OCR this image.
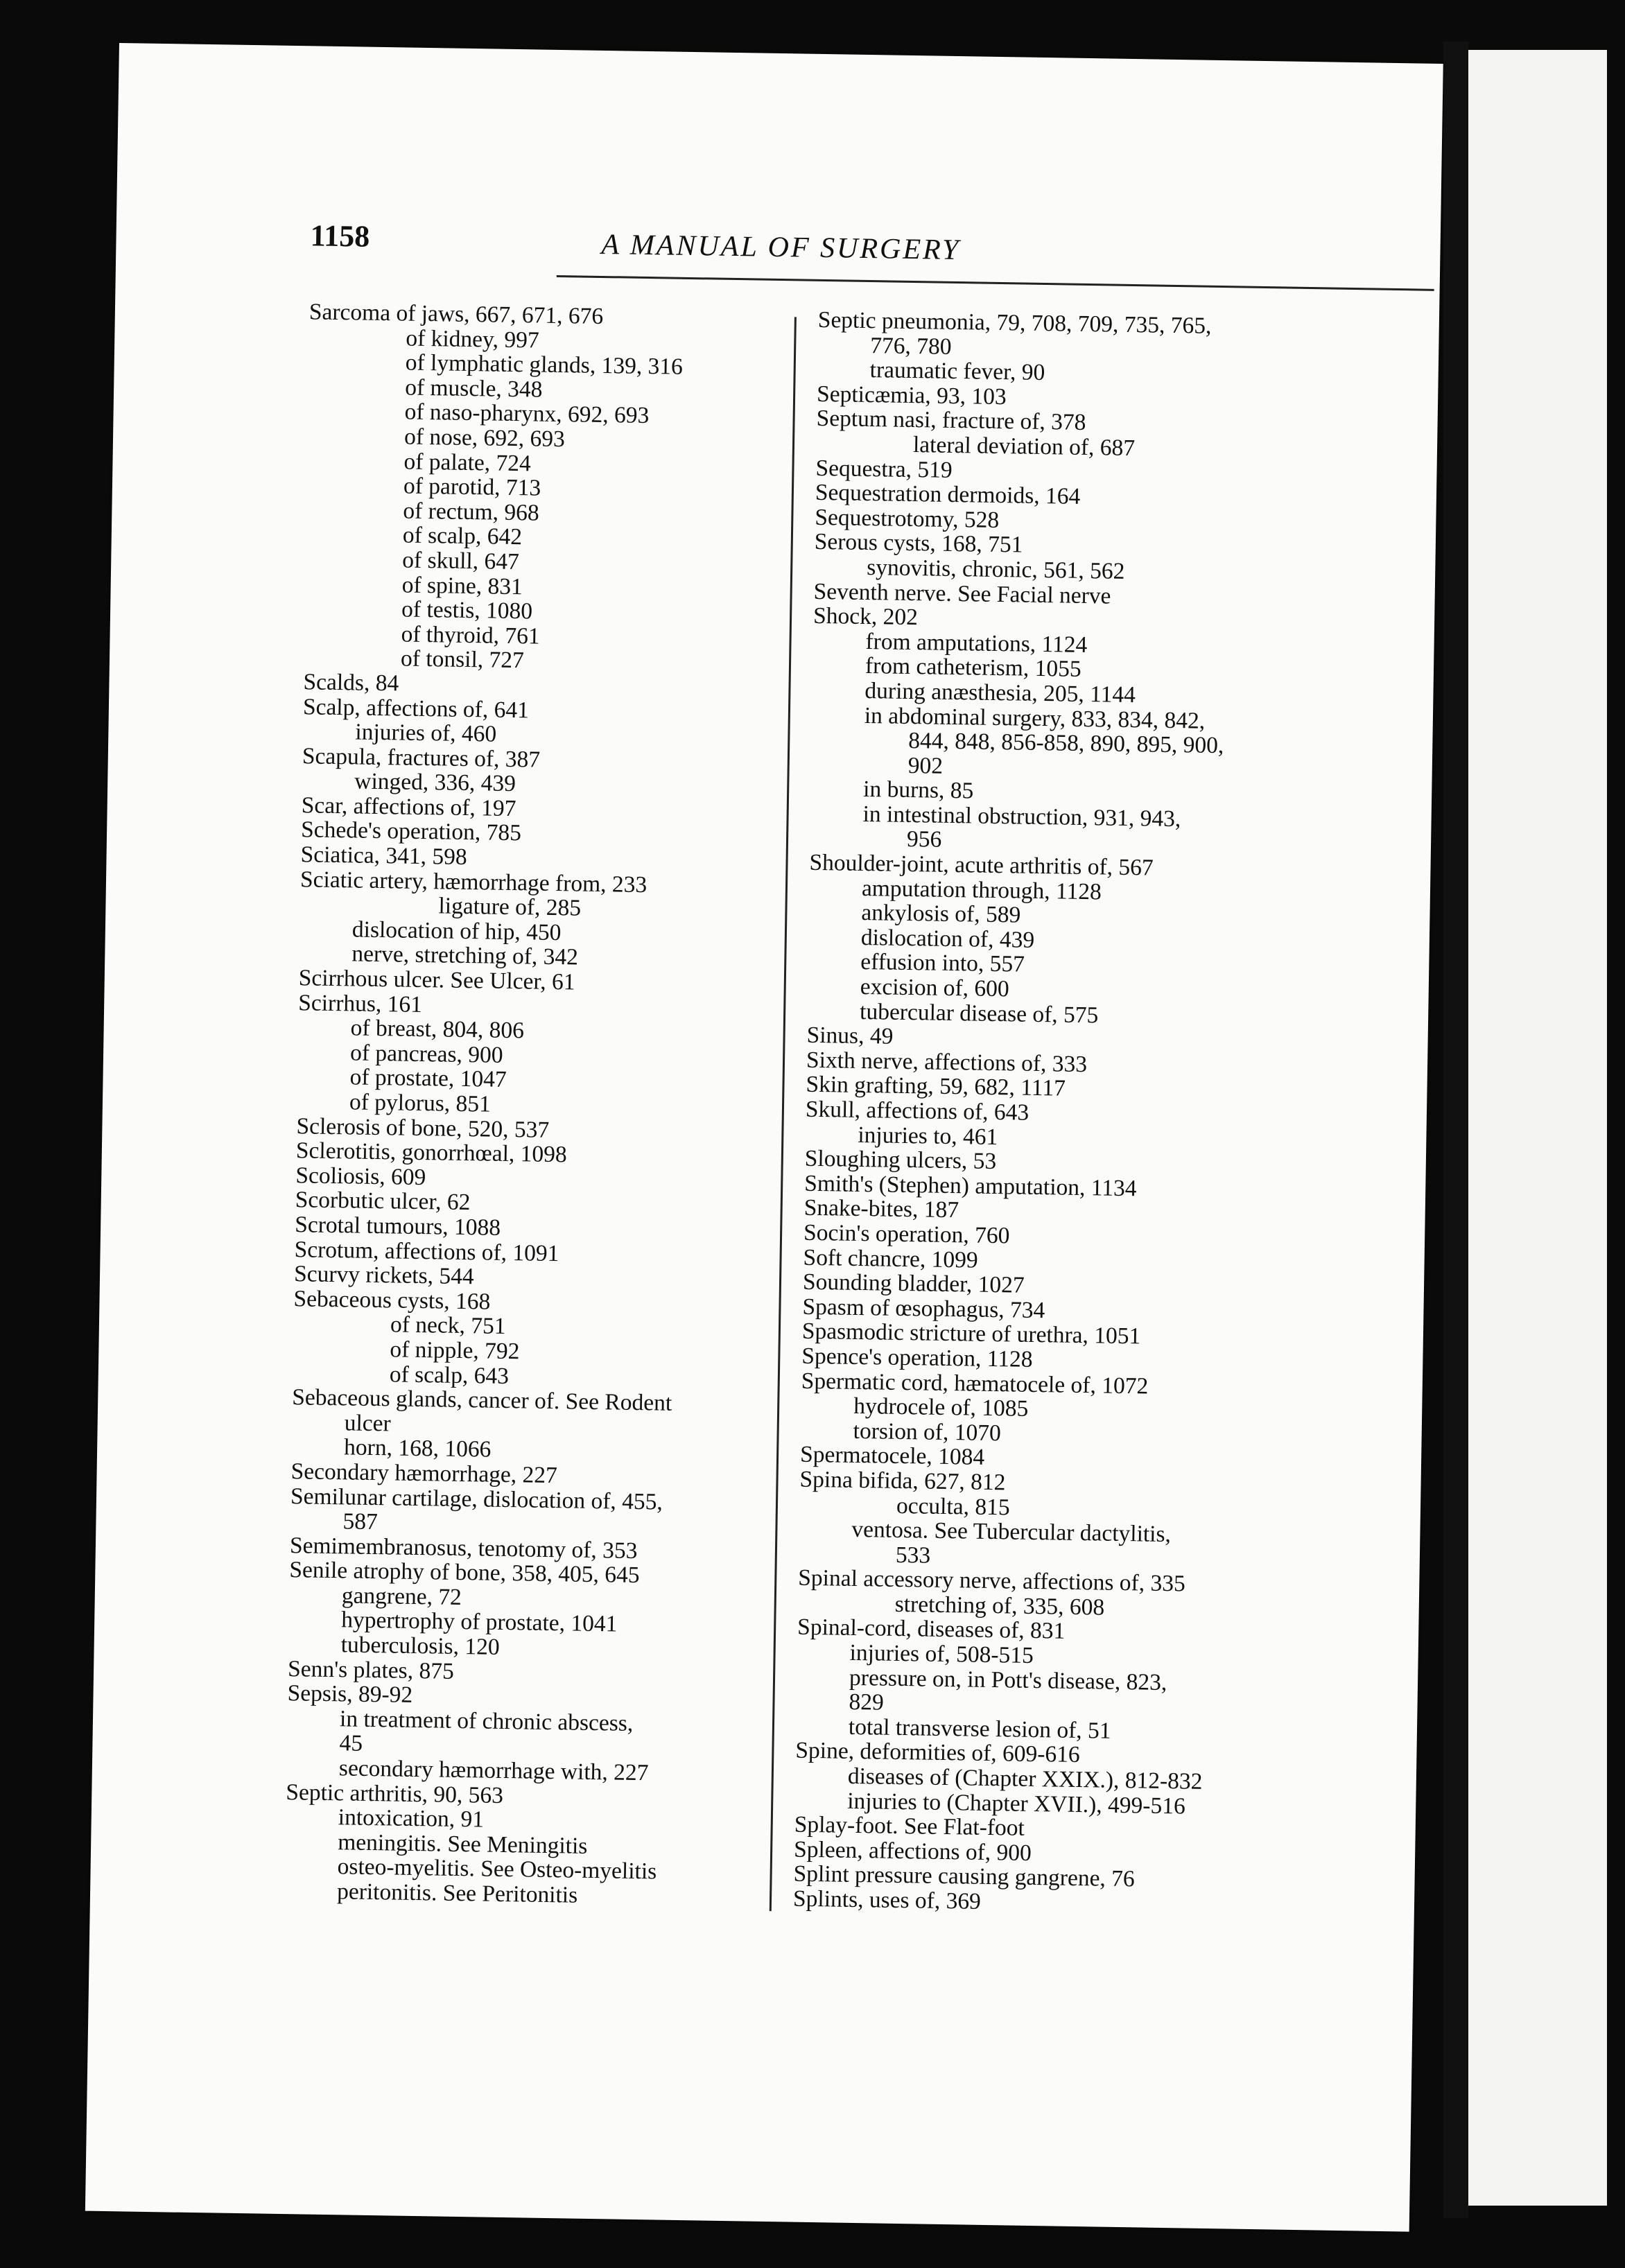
1158	A MANUAL OF SURGERY
Sarcoma of jaws, 667, 671, 676
of kidney, 997
of lymphatic glands, 139, 316
of muscle, 348
of naso-pharynx, 692, 693
of nose, 692, 693
of palate, 724
of parotid, 713
of rectum, 968
of scalp, 642
of skull, 647
of spine, 831
of testis, 1080
of thyroid, 761
of tonsil, 727
Scalds, 84
Scalp, affections of, 641
injuries of, 460
Scapula, fractures of, 387
winged, 336, 439
Scar, affections of, 197
Schede's operation, 785
Sciatica, 341, 598
Sciatic artery, hæmorrhage from, 233
ligature of, 285
dislocation of hip, 450
nerve, stretching of, 342
Scirrhous ulcer. See Ulcer, 61
Scirrhus, 161
of breast, 804, 806
of pancreas, 900
of prostate, 1047
of pylorus, 851
Sclerosis of bone, 520, 537
Sclerotitis, gonorrhœal, 1098
Scoliosis, 609
Scorbutic ulcer, 62
Scrotal tumours, 1088
Scrotum, affections of, 1091
Scurvy rickets, 544
Sebaceous cysts, 168
of neck, 751
of nipple, 792
of scalp, 643
Sebaceous glands, cancer of. See Rodent
ulcer
horn, 168, 1066
Secondary hæmorrhage, 227
Semilunar cartilage, dislocation of, 455,
587
Semimembranosus, tenotomy of, 353
Senile atrophy of bone, 358, 405, 645
gangrene, 72
hypertrophy of prostate, 1041
tuberculosis, 120
Senn's plates, 875
Sepsis, 89-92
in treatment of chronic abscess,
45
secondary hæmorrhage with, 227
Septic arthritis, 90, 563
intoxication, 91
meningitis. See Meningitis
osteo-myelitis. See Osteo-myelitis
peritonitis. See Peritonitis
Septic pneumonia, 79, 708, 709, 735, 765,
776, 780
traumatic fever, 90
Septicæmia, 93, 103
Septum nasi, fracture of, 378
lateral deviation of, 687
Sequestra, 519
Sequestration dermoids, 164
Sequestrotomy, 528
Serous cysts, 168, 751
synovitis, chronic, 561, 562
Seventh nerve. See Facial nerve
Shock, 202
from amputations, 1124
from catheterism, 1055
during anæsthesia, 205, 1144
in abdominal surgery, 833, 834, 842,
844, 848, 856-858, 890, 895, 900,
902
in burns, 85
in intestinal obstruction, 931, 943,
956
Shoulder-joint, acute arthritis of, 567
amputation through, 1128
ankylosis of, 589
dislocation of, 439
effusion into, 557
excision of, 600
tubercular disease of, 575
Sinus, 49
Sixth nerve, affections of, 333
Skin grafting, 59, 682, 1117
Skull, affections of, 643
injuries to, 461
Sloughing ulcers, 53
Smith's (Stephen) amputation, 1134
Snake-bites, 187
Socin's operation, 760
Soft chancre, 1099
Sounding bladder, 1027
Spasm of œsophagus, 734
Spasmodic stricture of urethra, 1051
Spence's operation, 1128
Spermatic cord, hæmatocele of, 1072
hydrocele of, 1085
torsion of, 1070
Spermatocele, 1084
Spina bifida, 627, 812
occulta, 815
ventosa. See Tubercular dactylitis,
533
Spinal accessory nerve, affections of, 335
stretching of, 335, 608
Spinal-cord, diseases of, 831
injuries of, 508-515
pressure on, in Pott's disease, 823,
829
total transverse lesion of, 51
Spine, deformities of, 609-616
diseases of (Chapter XXIX.), 812-832
injuries to (Chapter XVII.), 499-516
Splay-foot. See Flat-foot
Spleen, affections of, 900
Splint pressure causing gangrene, 76
Splints, uses of, 369
